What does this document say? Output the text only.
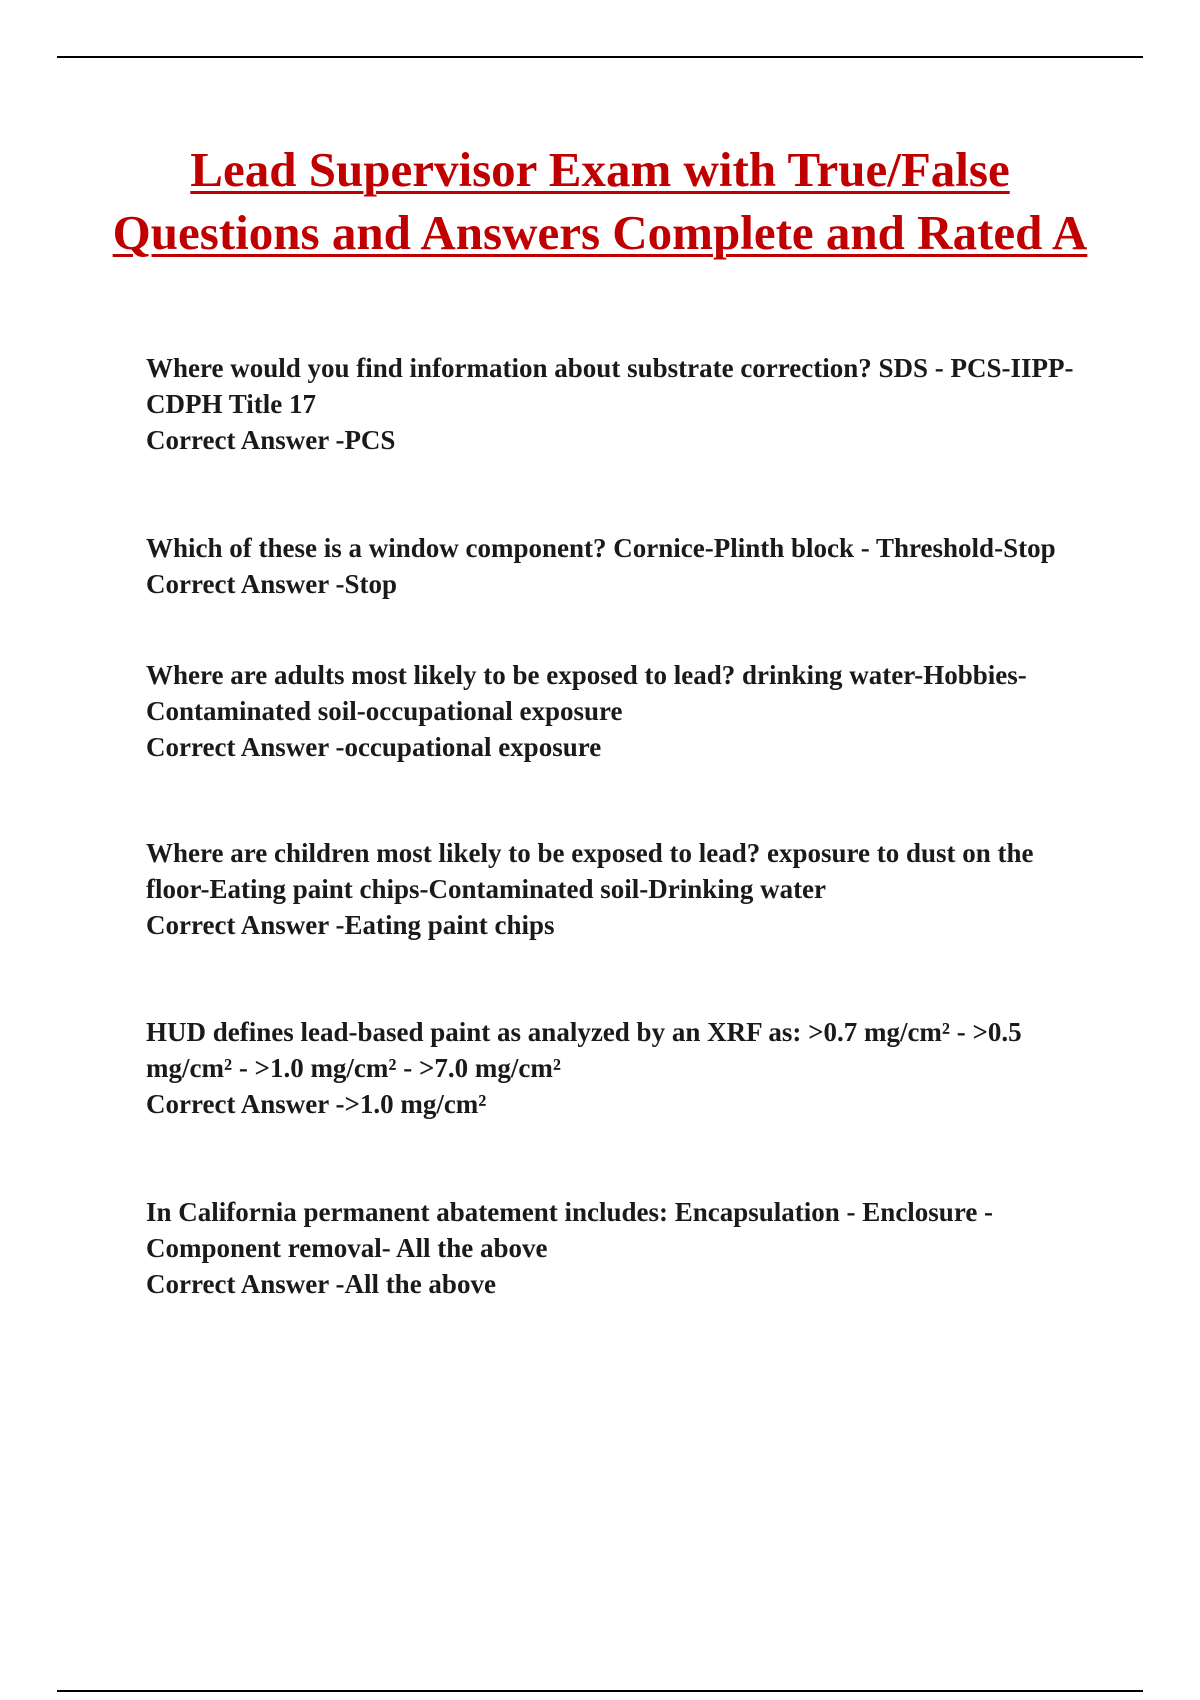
Lead Supervisor Exam with True/False Questions and Answers Complete and Rated A
Where would you find information about substrate correction? SDS - PCS-IIPP-CDPH Title 17
Correct Answer -PCS
Which of these is a window component? Cornice-Plinth block - Threshold-Stop
Correct Answer -Stop
Where are adults most likely to be exposed to lead? drinking water-Hobbies-Contaminated soil-occupational exposure
Correct Answer -occupational exposure
Where are children most likely to be exposed to lead? exposure to dust on the floor-Eating paint chips-Contaminated soil-Drinking water
Correct Answer -Eating paint chips
HUD defines lead-based paint as analyzed by an XRF as: >0.7 mg/cm² - >0.5 mg/cm² - >1.0 mg/cm² - >7.0 mg/cm²
Correct Answer ->1.0 mg/cm²
In California permanent abatement includes: Encapsulation - Enclosure - Component removal- All the above
Correct Answer -All the above
